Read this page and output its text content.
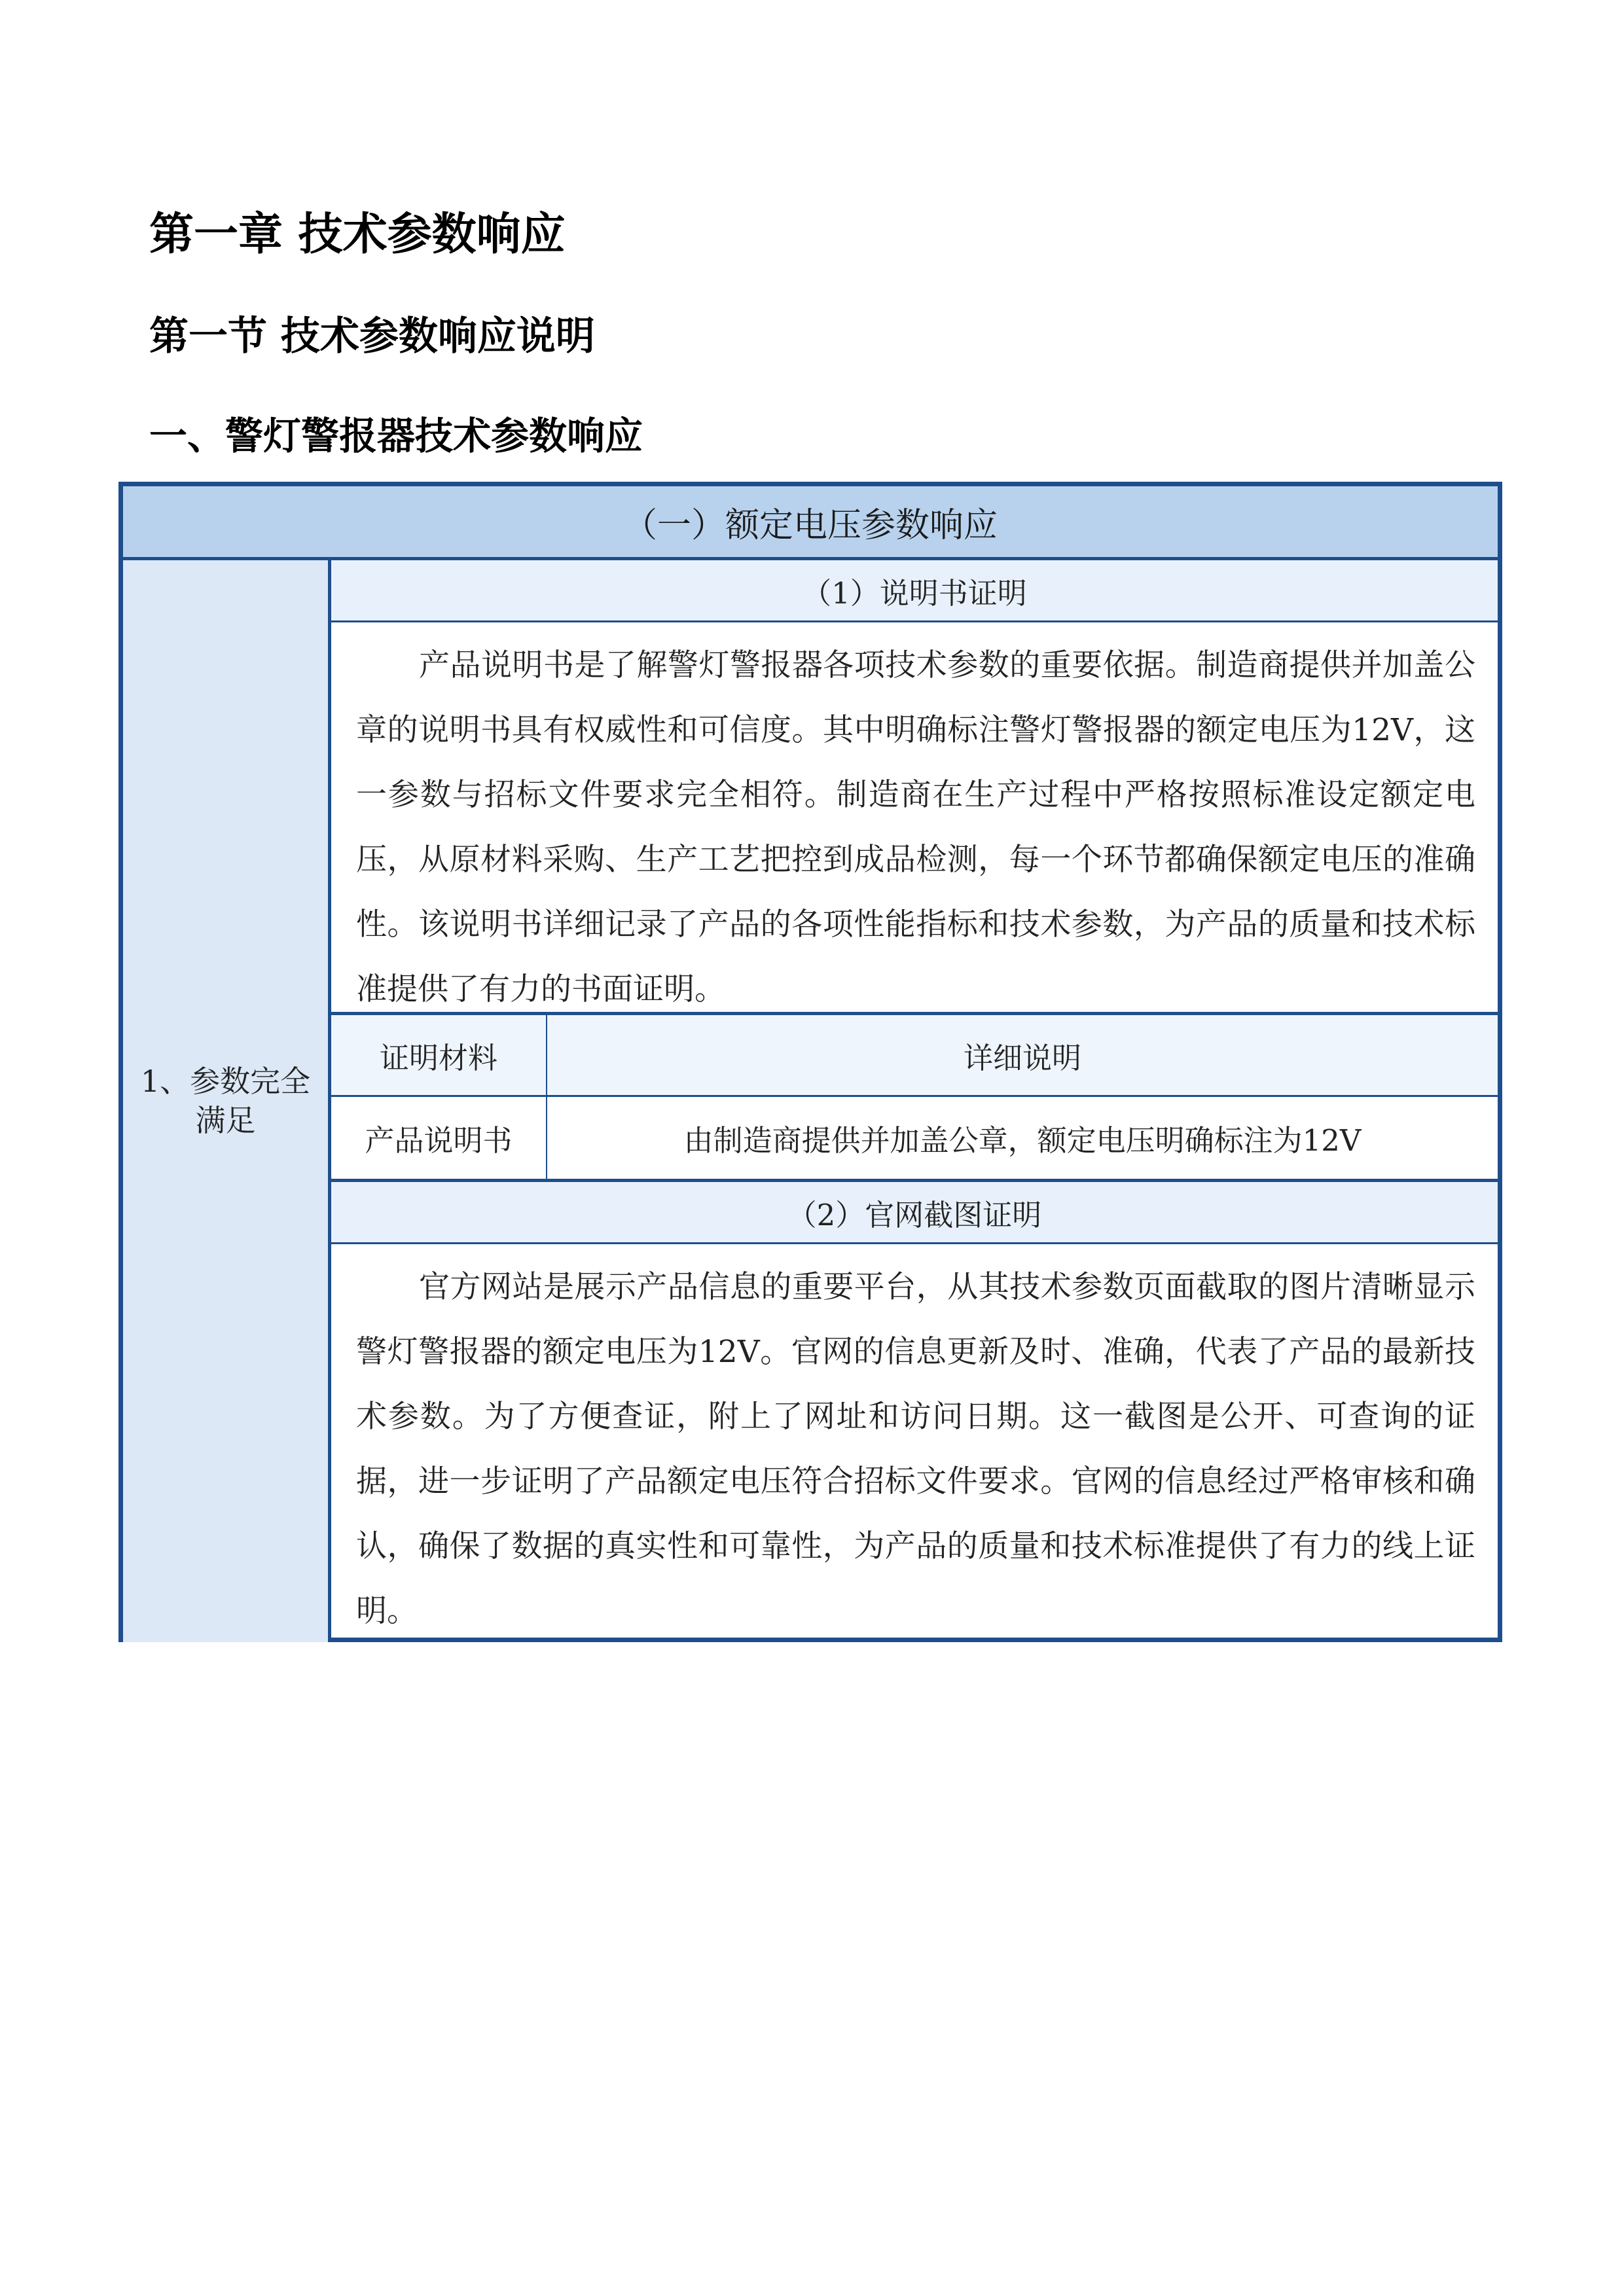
第一章 技术参数响应
第一节 技术参数响应说明
一、警灯警报器技术参数响应
（一）额定电压参数响应
1、参数完全满足
（1）说明书证明
产品说明书是了解警灯警报器各项技术参数的重要依据。制造商提供并加盖公章的说明书具有权威性和可信度。其中明确标注警灯警报器的额定电压为12V，这一参数与招标文件要求完全相符。制造商在生产过程中严格按照标准设定额定电压，从原材料采购、生产工艺把控到成品检测，每一个环节都确保额定电压的准确性。该说明书详细记录了产品的各项性能指标和技术参数，为产品的质量和技术标准提供了有力的书面证明。
证明材料	详细说明
产品说明书	由制造商提供并加盖公章，额定电压明确标注为12V
（2）官网截图证明
官方网站是展示产品信息的重要平台，从其技术参数页面截取的图片清晰显示警灯警报器的额定电压为12V。官网的信息更新及时、准确，代表了产品的最新技术参数。为了方便查证，附上了网址和访问日期。这一截图是公开、可查询的证据，进一步证明了产品额定电压符合招标文件要求。官网的信息经过严格审核和确认，确保了数据的真实性和可靠性，为产品的质量和技术标准提供了有力的线上证明。
